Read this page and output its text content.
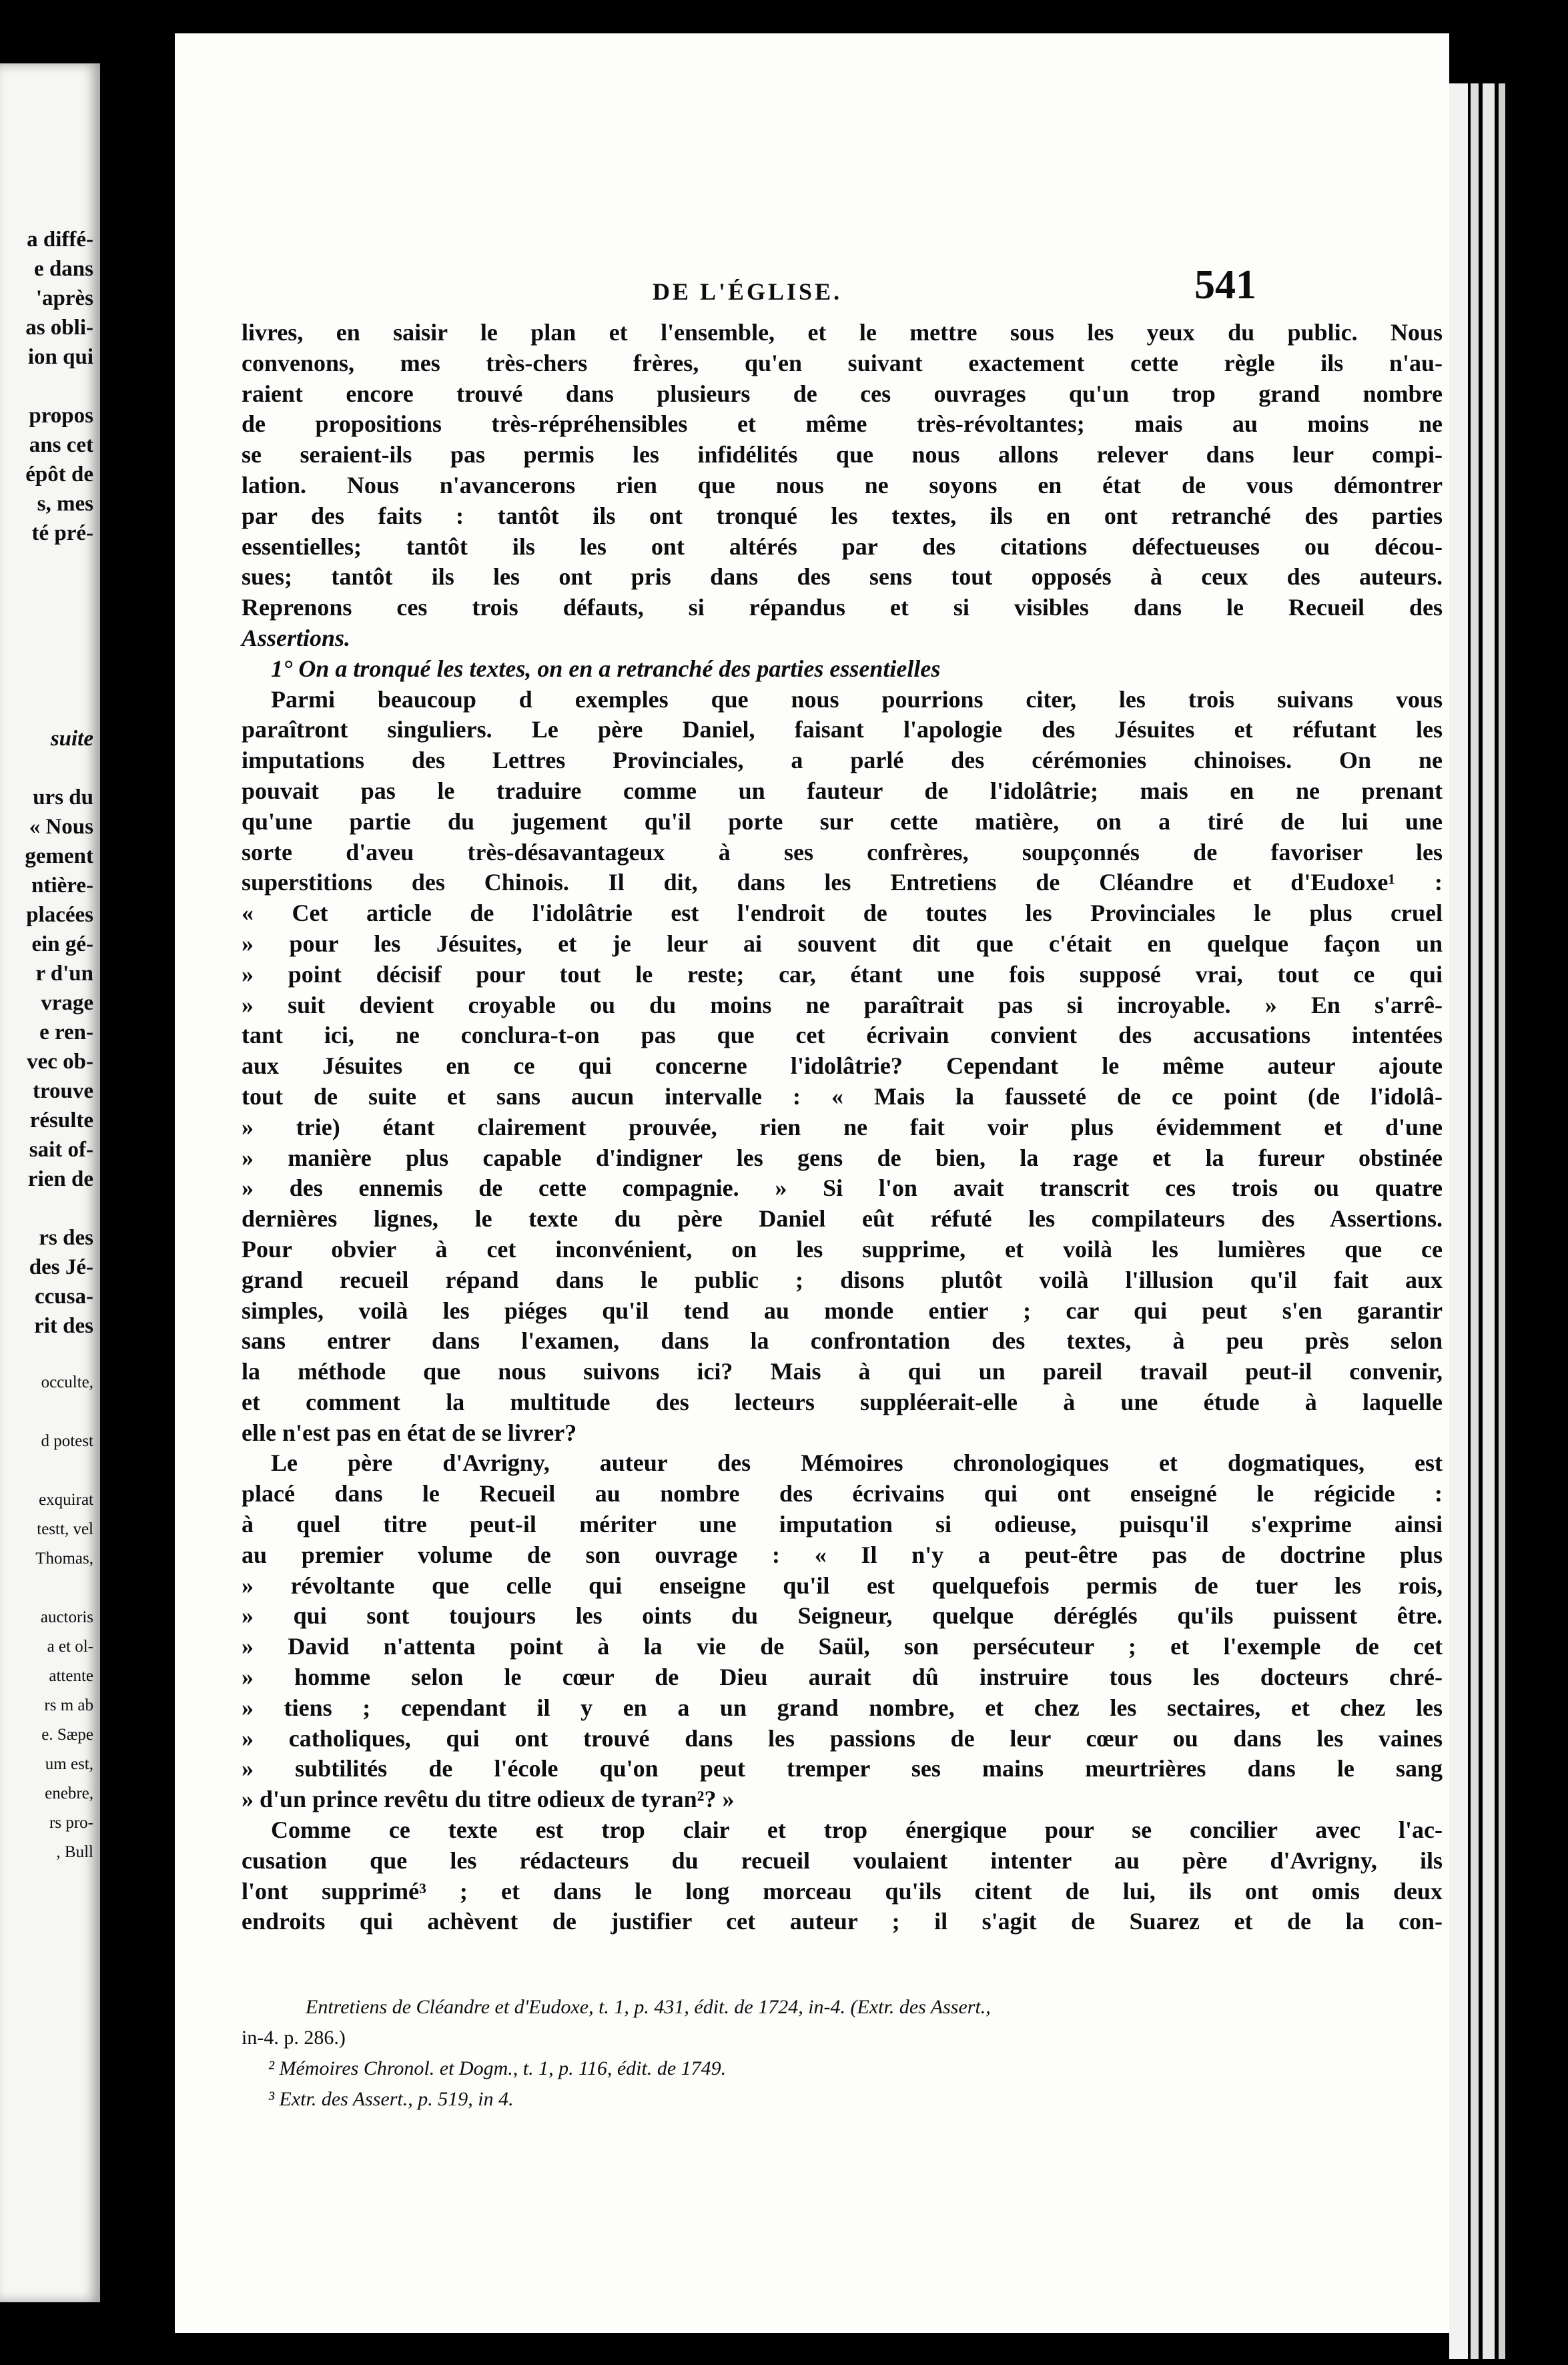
a diffé-
e dans
'après
as obli-
ion qui
propos
ans cet
épôt de
s, mes
té pré-
suite
urs du
« Nous
gement
ntière-
placées
ein gé-
r d'un
vrage
e ren-
vec ob-
trouve
résulte
sait of-
rien de
rs des
des Jé-
ccusa-
rit des
occulte,
d potest
exquirat
testt, vel
Thomas,
auctoris
a et ol-
attente
rs m ab
e. Sæpe
um est,
enebre,
rs pro-
, Bull
DE L'ÉGLISE.	541
livres, en saisir le plan et l'ensemble, et le mettre sous les yeux du public. Nous
convenons, mes très-chers frères, qu'en suivant exactement cette règle ils n'au-
raient encore trouvé dans plusieurs de ces ouvrages qu'un trop grand nombre
de propositions très-répréhensibles et même très-révoltantes; mais au moins ne
se seraient-ils pas permis les infidélités que nous allons relever dans leur compi-
lation. Nous n'avancerons rien que nous ne soyons en état de vous démontrer
par des faits : tantôt ils ont tronqué les textes, ils en ont retranché des parties
essentielles; tantôt ils les ont altérés par des citations défectueuses ou décou-
sues; tantôt ils les ont pris dans des sens tout opposés à ceux des auteurs.
Reprenons ces trois défauts, si répandus et si visibles dans le Recueil des
Assertions.
1° On a tronqué les textes, on en a retranché des parties essentielles
Parmi beaucoup d exemples que nous pourrions citer, les trois suivans vous
paraîtront singuliers. Le père Daniel, faisant l'apologie des Jésuites et réfutant les
imputations des Lettres Provinciales, a parlé des cérémonies chinoises. On ne
pouvait pas le traduire comme un fauteur de l'idolâtrie; mais en ne prenant
qu'une partie du jugement qu'il porte sur cette matière, on a tiré de lui une
sorte d'aveu très-désavantageux à ses confrères, soupçonnés de favoriser les
superstitions des Chinois. Il dit, dans les Entretiens de Cléandre et d'Eudoxe¹ :
« Cet article de l'idolâtrie est l'endroit de toutes les Provinciales le plus cruel
» pour les Jésuites, et je leur ai souvent dit que c'était en quelque façon un
» point décisif pour tout le reste; car, étant une fois supposé vrai, tout ce qui
» suit devient croyable ou du moins ne paraîtrait pas si incroyable. » En s'arrê-
tant ici, ne conclura-t-on pas que cet écrivain convient des accusations intentées
aux Jésuites en ce qui concerne l'idolâtrie? Cependant le même auteur ajoute
tout de suite et sans aucun intervalle : « Mais la fausseté de ce point (de l'idolâ-
» trie) étant clairement prouvée, rien ne fait voir plus évidemment et d'une
» manière plus capable d'indigner les gens de bien, la rage et la fureur obstinée
» des ennemis de cette compagnie. » Si l'on avait transcrit ces trois ou quatre
dernières lignes, le texte du père Daniel eût réfuté les compilateurs des Assertions.
Pour obvier à cet inconvénient, on les supprime, et voilà les lumières que ce
grand recueil répand dans le public ; disons plutôt voilà l'illusion qu'il fait aux
simples, voilà les piéges qu'il tend au monde entier ; car qui peut s'en garantir
sans entrer dans l'examen, dans la confrontation des textes, à peu près selon
la méthode que nous suivons ici? Mais à qui un pareil travail peut-il convenir,
et comment la multitude des lecteurs suppléerait-elle à une étude à laquelle
elle n'est pas en état de se livrer?
Le père d'Avrigny, auteur des Mémoires chronologiques et dogmatiques, est
placé dans le Recueil au nombre des écrivains qui ont enseigné le régicide :
à quel titre peut-il mériter une imputation si odieuse, puisqu'il s'exprime ainsi
au premier volume de son ouvrage : « Il n'y a peut-être pas de doctrine plus
» révoltante que celle qui enseigne qu'il est quelquefois permis de tuer les rois,
» qui sont toujours les oints du Seigneur, quelque déréglés qu'ils puissent être.
» David n'attenta point à la vie de Saül, son persécuteur ; et l'exemple de cet
» homme selon le cœur de Dieu aurait dû instruire tous les docteurs chré-
» tiens ; cependant il y en a un grand nombre, et chez les sectaires, et chez les
» catholiques, qui ont trouvé dans les passions de leur cœur ou dans les vaines
» subtilités de l'école qu'on peut tremper ses mains meurtrières dans le sang
» d'un prince revêtu du titre odieux de tyran²? »
Comme ce texte est trop clair et trop énergique pour se concilier avec l'ac-
cusation que les rédacteurs du recueil voulaient intenter au père d'Avrigny, ils
l'ont supprimé³ ; et dans le long morceau qu'ils citent de lui, ils ont omis deux
endroits qui achèvent de justifier cet auteur ; il s'agit de Suarez et de la con-
Entretiens de Cléandre et d'Eudoxe, t. 1, p. 431, édit. de 1724, in-4. (Extr. des Assert.,
in-4. p. 286.)
² Mémoires Chronol. et Dogm., t. 1, p. 116, édit. de 1749.
³ Extr. des Assert., p. 519, in 4.
